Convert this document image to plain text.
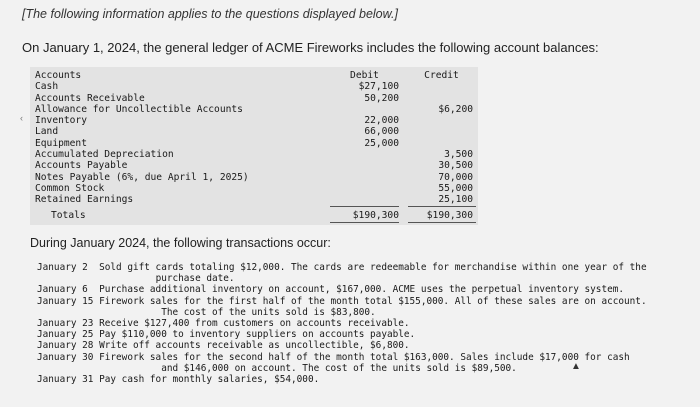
[The following information applies to the questions displayed below.]
On January 1, 2024, the general ledger of ACME Fireworks includes the following account balances:
Accounts
Cash
Accounts Receivable
Allowance for Uncollectible Accounts
Inventory
Land
Equipment
Accumulated Depreciation
Accounts Payable
Notes Payable (6%, due April 1, 2025)
Common Stock
Retained Earnings
Totals
Debit
$27,100
50,200
22,000
66,000
25,000
$190,300
Credit
$6,200
3,500
30,500
70,000
55,000
25,100
$190,300
‹
During January 2024, the following transactions occur:
January 2
Sold gift cards totaling $12,000. The cards are redeemable for merchandise within one year of the
purchase date.
January 6
Purchase additional inventory on account, $167,000. ACME uses the perpetual inventory system.
January 15
Firework sales for the first half of the month total $155,000. All of these sales are on account.
The cost of the units sold is $83,800.
January 23
Receive $127,400 from customers on accounts receivable.
January 25
Pay $110,000 to inventory suppliers on accounts payable.
January 28
Write off accounts receivable as uncollectible, $6,800.
January 30
Firework sales for the second half of the month total $163,000. Sales include $17,000 for cash
and $146,000 on account. The cost of the units sold is $89,500.
January 31
Pay cash for monthly salaries, $54,000.
▲
